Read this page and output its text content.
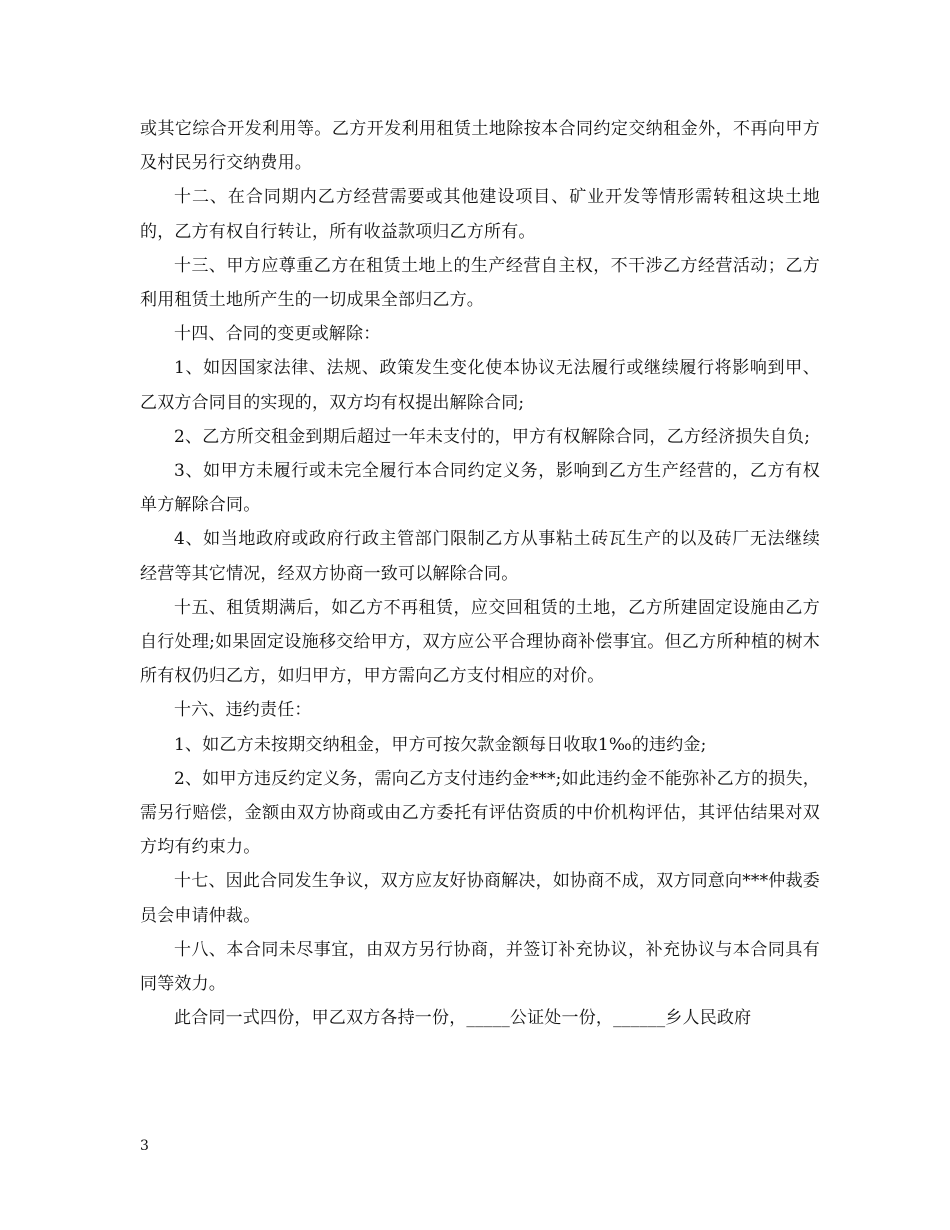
或其它综合开发利用等。乙方开发利用租赁土地除按本合同约定交纳租金外，不再向甲方及村民另行交纳费用。

十二、在合同期内乙方经营需要或其他建设项目、矿业开发等情形需转租这块土地的，乙方有权自行转让，所有收益款项归乙方所有。

十三、甲方应尊重乙方在租赁土地上的生产经营自主权，不干涉乙方经营活动；乙方利用租赁土地所产生的一切成果全部归乙方。

十四、合同的变更或解除：

1、如因国家法律、法规、政策发生变化使本协议无法履行或继续履行将影响到甲、乙双方合同目的实现的，双方均有权提出解除合同;

2、乙方所交租金到期后超过一年未支付的，甲方有权解除合同，乙方经济损失自负;

3、如甲方未履行或未完全履行本合同约定义务，影响到乙方生产经营的，乙方有权单方解除合同。

4、如当地政府或政府行政主管部门限制乙方从事粘土砖瓦生产的以及砖厂无法继续经营等其它情况，经双方协商一致可以解除合同。

十五、租赁期满后，如乙方不再租赁，应交回租赁的土地，乙方所建固定设施由乙方自行处理;如果固定设施移交给甲方，双方应公平合理协商补偿事宜。但乙方所种植的树木所有权仍归乙方，如归甲方，甲方需向乙方支付相应的对价。

十六、违约责任：

1、如乙方未按期交纳租金，甲方可按欠款金额每日收取1‰的违约金;

2、如甲方违反约定义务，需向乙方支付违约金***;如此违约金不能弥补乙方的损失，需另行赔偿，金额由双方协商或由乙方委托有评估资质的中价机构评估，其评估结果对双方均有约束力。

十七、因此合同发生争议，双方应友好协商解决，如协商不成，双方同意向***仲裁委员会申请仲裁。

十八、本合同未尽事宜，由双方另行协商，并签订补充协议，补充协议与本合同具有同等效力。

此合同一式四份，甲乙双方各持一份，_____公证处一份，______乡人民政府

3
